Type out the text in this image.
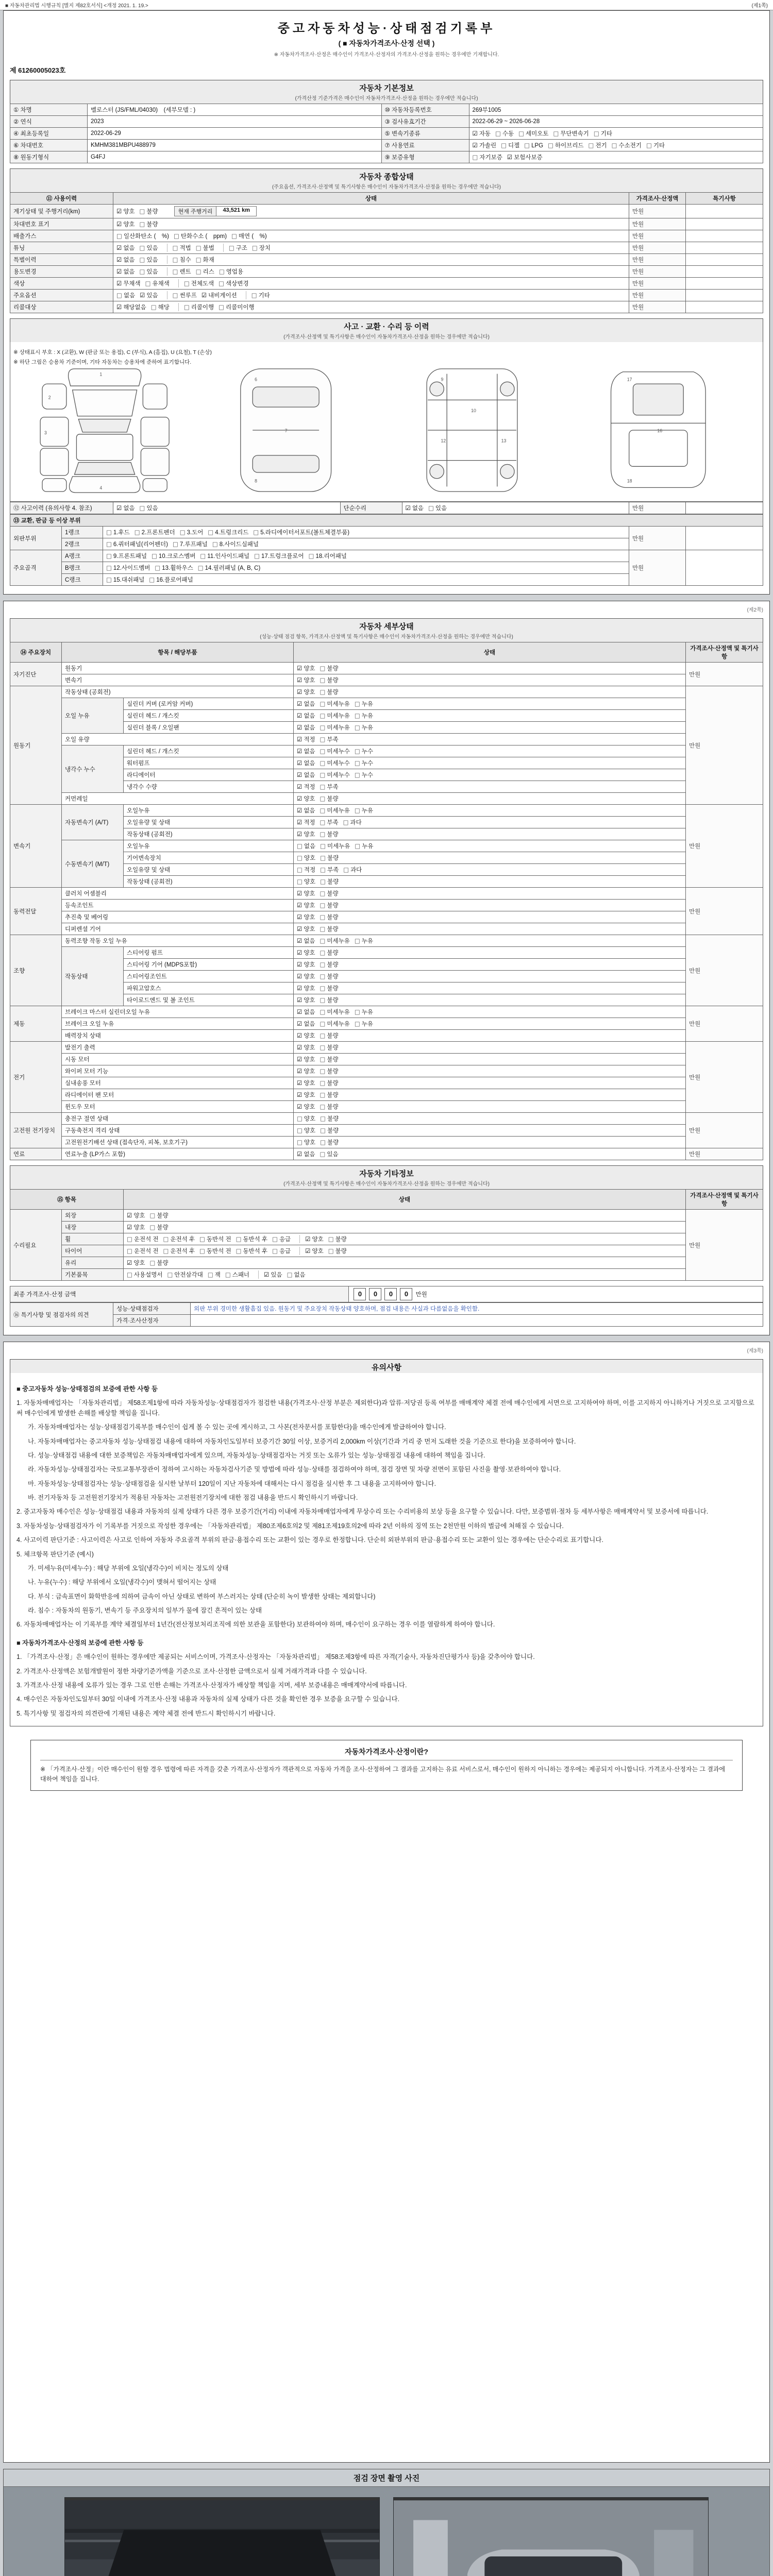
■ 자동차관리법 시행규칙 [별지 제82호서식] <개정 2021. 1. 19.>	(제1쪽)
중고자동차성능·상태점검기록부
( ■ 자동차가격조사·산정 선택 )
※ 자동차가격조사·산정은 매수인이 가격조사·산정자의 가격조사·산정을 원하는 경우에만 기재합니다.
제 61260005023호
자동차 기본정보
(가격산정 기준가격은 매수인이 자동차가격조사·산정을 원하는 경우에만 적습니다)
① 차명	벨로스터 (JS/FML/04030)　(세부모델 : )	⑩ 자동차등록번호	269부1005
② 연식	2023	③ 검사유효기간	2022-06-29 ~ 2026-06-28
④ 최초등록일	2022-06-29	⑤ 변속기종류	☑ 자동 □ 수동 □ 세미오토 □ 무단변속기 □ 기타
⑥ 차대번호	KMHM381MBPU488979	⑦ 사용연료	☑ 가솔린 □ 디젤 □ LPG □ 하이브리드 □ 전기 □ 수소전기 □ 기타
⑧ 원동기형식	G4FJ	⑨ 보증유형	□ 자기보증 ☑ 보험사보증
자동차 종합상태
(주요옵션, 가격조사·산정액 및 특기사항은 매수인이 자동차가격조사·산정을 원하는 경우에만 적습니다)
⑪ 사용이력	상태	가격조사·산정액	특기사항
계기상태 및 주행거리(km)	☑ 양호 □ 불량 현재 주행거리 43,521 km	만원	
차대번호 표기	☑ 양호 □ 불량	만원	
배출가스	□ 일산화탄소 (　%) □ 탄화수소 (　ppm) □ 매연 (　%)	만원	
튜닝	☑ 없음 □ 있음 □ 적법 □ 불법 □ 구조 □ 장치	만원	
특별이력	☑ 없음 □ 있음 □ 침수 □ 화재	만원	
용도변경	☑ 없음 □ 있음 □ 렌트 □ 리스 □ 영업용	만원	
색상	☑ 무채색 □ 유채색 □ 전체도색 □ 색상변경	만원	
주요옵션	□ 없음 ☑ 있음 □ 썬루프 ☑ 내비게이션 □ 기타	만원	
리콜대상	☑ 해당없음 □ 해당 □ 리콜이행 □ 리콜미이행	만원	
사고 · 교환 · 수리 등 이력
(가격조사·산정액 및 특기사항은 매수인이 자동차가격조사·산정을 원하는 경우에만 적습니다)
※ 상태표시 부호 : X (교환), W (판금 또는 용접), C (부식), A (흠집), U (요철), T (손상)
※ 하단 그림은 승용차 기준이며, 기타 자동차는 승용차에 준하여 표기합니다.
1
2
3
4
6
7
8
9
10
12	13
17
16
18
⑫ 사고이력 (유의사항 4. 참조)	☑ 없음 □ 있음	단순수리	☑ 없음 □ 있음	만원	
⑬ 교환, 판금 등 이상 부위				
외판부위	1랭크	□ 1.후드 □ 2.프론트펜더 □ 3.도어 □ 4.트렁크리드 □ 5.라디에이터서포트(볼트체결부품)	만원	
	2랭크	□ 6.쿼터패널(리어펜더) □ 7.루프패널 □ 8.사이드실패널		
주요골격	A랭크	□ 9.프론트패널 □ 10.크로스멤버 □ 11.인사이드패널 □ 17.트렁크플로어 □ 18.리어패널	만원	
	B랭크	□ 12.사이드멤버 □ 13.휠하우스 □ 14.필러패널 (A, B, C)		
	C랭크	□ 15.대쉬패널 □ 16.플로어패널		
(제2쪽)
자동차 세부상태
(성능·상태 점검 항목, 가격조사·산정액 및 특기사항은 매수인이 자동차가격조사·산정을 원하는 경우에만 적습니다)
⑭ 주요장치	항목 / 해당부품		상태	가격조사·산정액 및 특기사항
자기진단	원동기		☑ 양호 □ 불량	만원
	변속기		☑ 양호 □ 불량	
원동기	작동상태 (공회전)		☑ 양호 □ 불량	만원
	오일 누유	실린더 커버 (로커암 커버)	☑ 없음 □ 미세누유 □ 누유	
		실린더 헤드 / 개스킷	☑ 없음 □ 미세누유 □ 누유	
		실린더 블록 / 오일팬	☑ 없음 □ 미세누유 □ 누유	
	오일 유량		☑ 적정 □ 부족	
	냉각수 누수	실린더 헤드 / 개스킷	☑ 없음 □ 미세누수 □ 누수	
		워터펌프	☑ 없음 □ 미세누수 □ 누수	
		라디에이터	☑ 없음 □ 미세누수 □ 누수	
		냉각수 수량	☑ 적정 □ 부족	
	커먼레일		☑ 양호 □ 불량	
변속기	자동변속기 (A/T)	오일누유	☑ 없음 □ 미세누유 □ 누유	만원
		오일유량 및 상태	☑ 적정 □ 부족 □ 과다	
		작동상태 (공회전)	☑ 양호 □ 불량	
	수동변속기 (M/T)	오일누유	□ 없음 □ 미세누유 □ 누유	
		기어변속장치	□ 양호 □ 불량	
		오일유량 및 상태	□ 적정 □ 부족 □ 과다	
		작동상태 (공회전)	□ 양호 □ 불량	
동력전달	클러치 어셈블리		☑ 양호 □ 불량	만원
	등속조인트		☑ 양호 □ 불량	
	추진축 및 베어링		☑ 양호 □ 불량	
	디퍼렌셜 기어		☑ 양호 □ 불량	
조향	동력조향 작동 오일 누유		☑ 없음 □ 미세누유 □ 누유	만원
	작동상태	스티어링 펌프	☑ 양호 □ 불량	
		스티어링 기어 (MDPS포함)	☑ 양호 □ 불량	
		스티어링조인트	☑ 양호 □ 불량	
		파워고압호스	☑ 양호 □ 불량	
		타이로드엔드 및 볼 조인트	☑ 양호 □ 불량	
제동	브레이크 마스터 실린더오일 누유		☑ 없음 □ 미세누유 □ 누유	만원
	브레이크 오일 누유		☑ 없음 □ 미세누유 □ 누유	
	배력장치 상태		☑ 양호 □ 불량	
전기	발전기 출력		☑ 양호 □ 불량	만원
	시동 모터		☑ 양호 □ 불량	
	와이퍼 모터 기능		☑ 양호 □ 불량	
	실내송풍 모터		☑ 양호 □ 불량	
	라디에이터 팬 모터		☑ 양호 □ 불량	
	윈도우 모터		☑ 양호 □ 불량	
고전원 전기장치	충전구 절연 상태		□ 양호 □ 불량	만원
	구동축전지 격리 상태		□ 양호 □ 불량	
	고전원전기배선 상태 (접속단자, 피복, 보호기구)		□ 양호 □ 불량	
연료	연료누출 (LP가스 포함)		☑ 없음 □ 있음	만원
자동차 기타정보
(가격조사·산정액 및 특기사항은 매수인이 자동차가격조사·산정을 원하는 경우에만 적습니다)
⑮ 항목		상태	가격조사·산정액 및 특기사항
수리필요	외장	☑ 양호 □ 불량	만원
	내장	☑ 양호 □ 불량	
	휠	□ 운전석 전 □ 운전석 후 □ 동반석 전 □ 동반석 후 □ 응급 ☑ 양호 □ 불량	
	타이어	□ 운전석 전 □ 운전석 후 □ 동반석 전 □ 동반석 후 □ 응급 ☑ 양호 □ 불량	
	유리	☑ 양호 □ 불량	
	기본품목	□ 사용설명서 □ 안전삼각대 □ 잭 □ 스패너 ☑ 있음 □ 없음	
최종 가격조사·산정 금액	0 0 0 0 만원
⑯ 특기사항 및 점검자의 의견	성능·상태점검자	외판 부위 경미한 생활흠집 있음. 원동기 및 주요장치 작동상태 양호하며, 점검 내용은 사실과 다름없음을 확인함.
	가격·조사산정자	
(제3쪽)
유의사항
■ 중고자동차 성능·상태점검의 보증에 관한 사항 등
1. 자동차매매업자는 「자동차관리법」 제58조제1항에 따라 자동차성능·상태점검자가 점검한 내용(가격조사·산정 부분은 제외한다)과 압류·저당권 등록 여부를 매매계약 체결 전에 매수인에게 서면으로 고지하여야 하며, 이를 고지하지 아니하거나 거짓으로 고지함으로써 매수인에게 발생한 손해를 배상할 책임을 집니다.
가. 자동차매매업자는 성능·상태점검기록부를 매수인이 쉽게 볼 수 있는 곳에 게시하고, 그 사본(전자문서를 포함한다)을 매수인에게 발급하여야 합니다.
나. 자동차매매업자는 중고자동차 성능·상태점검 내용에 대하여 자동차인도일부터 보증기간 30일 이상, 보증거리 2,000km 이상(기간과 거리 중 먼저 도래한 것을 기준으로 한다)을 보증하여야 합니다.
다. 성능·상태점검 내용에 대한 보증책임은 자동차매매업자에게 있으며, 자동차성능·상태점검자는 거짓 또는 오류가 있는 성능·상태점검 내용에 대하여 책임을 집니다.
라. 자동차성능·상태점검자는 국토교통부장관이 정하여 고시하는 자동차검사기준 및 방법에 따라 성능·상태를 점검하여야 하며, 점검 장면 및 차량 전면이 포함된 사진을 촬영·보관하여야 합니다.
마. 자동차성능·상태점검자는 성능·상태점검을 실시한 날부터 120일이 지난 자동차에 대해서는 다시 점검을 실시한 후 그 내용을 고지하여야 합니다.
바. 전기자동차 등 고전원전기장치가 적용된 자동차는 고전원전기장치에 대한 점검 내용을 반드시 확인하시기 바랍니다.
2. 중고자동차 매수인은 성능·상태점검 내용과 자동차의 실제 상태가 다른 경우 보증기간(거리) 이내에 자동차매매업자에게 무상수리 또는 수리비용의 보상 등을 요구할 수 있습니다. 다만, 보증범위·절차 등 세부사항은 매매계약서 및 보증서에 따릅니다.
3. 자동차성능·상태점검자가 이 기록부를 거짓으로 작성한 경우에는 「자동차관리법」 제80조제6호의2 및 제81조제19호의2에 따라 2년 이하의 징역 또는 2천만원 이하의 벌금에 처해질 수 있습니다.
4. 사고이력 판단기준 : 사고이력은 사고로 인하여 자동차 주요골격 부위의 판금·용접수리 또는 교환이 있는 경우로 한정합니다. 단순히 외판부위의 판금·용접수리 또는 교환이 있는 경우에는 단순수리로 표기합니다.
5. 체크항목 판단기준 (예시)
가. 미세누유(미세누수) : 해당 부위에 오일(냉각수)이 비치는 정도의 상태
나. 누유(누수) : 해당 부위에서 오일(냉각수)이 맺혀서 떨어지는 상태
다. 부식 : 금속표면이 화학반응에 의하여 금속이 아닌 상태로 변하여 부스러지는 상태 (단순히 녹이 발생한 상태는 제외합니다)
라. 침수 : 자동차의 원동기, 변속기 등 주요장치의 일부가 물에 잠긴 흔적이 있는 상태
6. 자동차매매업자는 이 기록부를 계약 체결일부터 1년간(전산정보처리조직에 의한 보관을 포함한다) 보관하여야 하며, 매수인이 요구하는 경우 이를 열람하게 하여야 합니다.
■ 자동차가격조사·산정의 보증에 관한 사항 등
1. 「가격조사·산정」은 매수인이 원하는 경우에만 제공되는 서비스이며, 가격조사·산정자는 「자동차관리법」 제58조제3항에 따른 자격(기술사, 자동차진단평가사 등)을 갖추어야 합니다.
2. 가격조사·산정액은 보험개발원이 정한 차량기준가액을 기준으로 조사·산정한 금액으로서 실제 거래가격과 다를 수 있습니다.
3. 가격조사·산정 내용에 오류가 있는 경우 그로 인한 손해는 가격조사·산정자가 배상할 책임을 지며, 세부 보증내용은 매매계약서에 따릅니다.
4. 매수인은 자동차인도일부터 30일 이내에 가격조사·산정 내용과 자동차의 실제 상태가 다른 것을 확인한 경우 보증을 요구할 수 있습니다.
5. 특기사항 및 점검자의 의견란에 기재된 내용은 계약 체결 전에 반드시 확인하시기 바랍니다.
자동차가격조사·산정이란?
※ 「가격조사·산정」이란 매수인이 원할 경우 법령에 따른 자격을 갖춘 가격조사·산정자가 객관적으로 자동차 가격을 조사·산정하여 그 결과를 고지하는 유료 서비스로서, 매수인이 원하지 아니하는 경우에는 제공되지 아니합니다. 가격조사·산정자는 그 결과에 대하여 책임을 집니다.
점검 장면 촬영 사진
